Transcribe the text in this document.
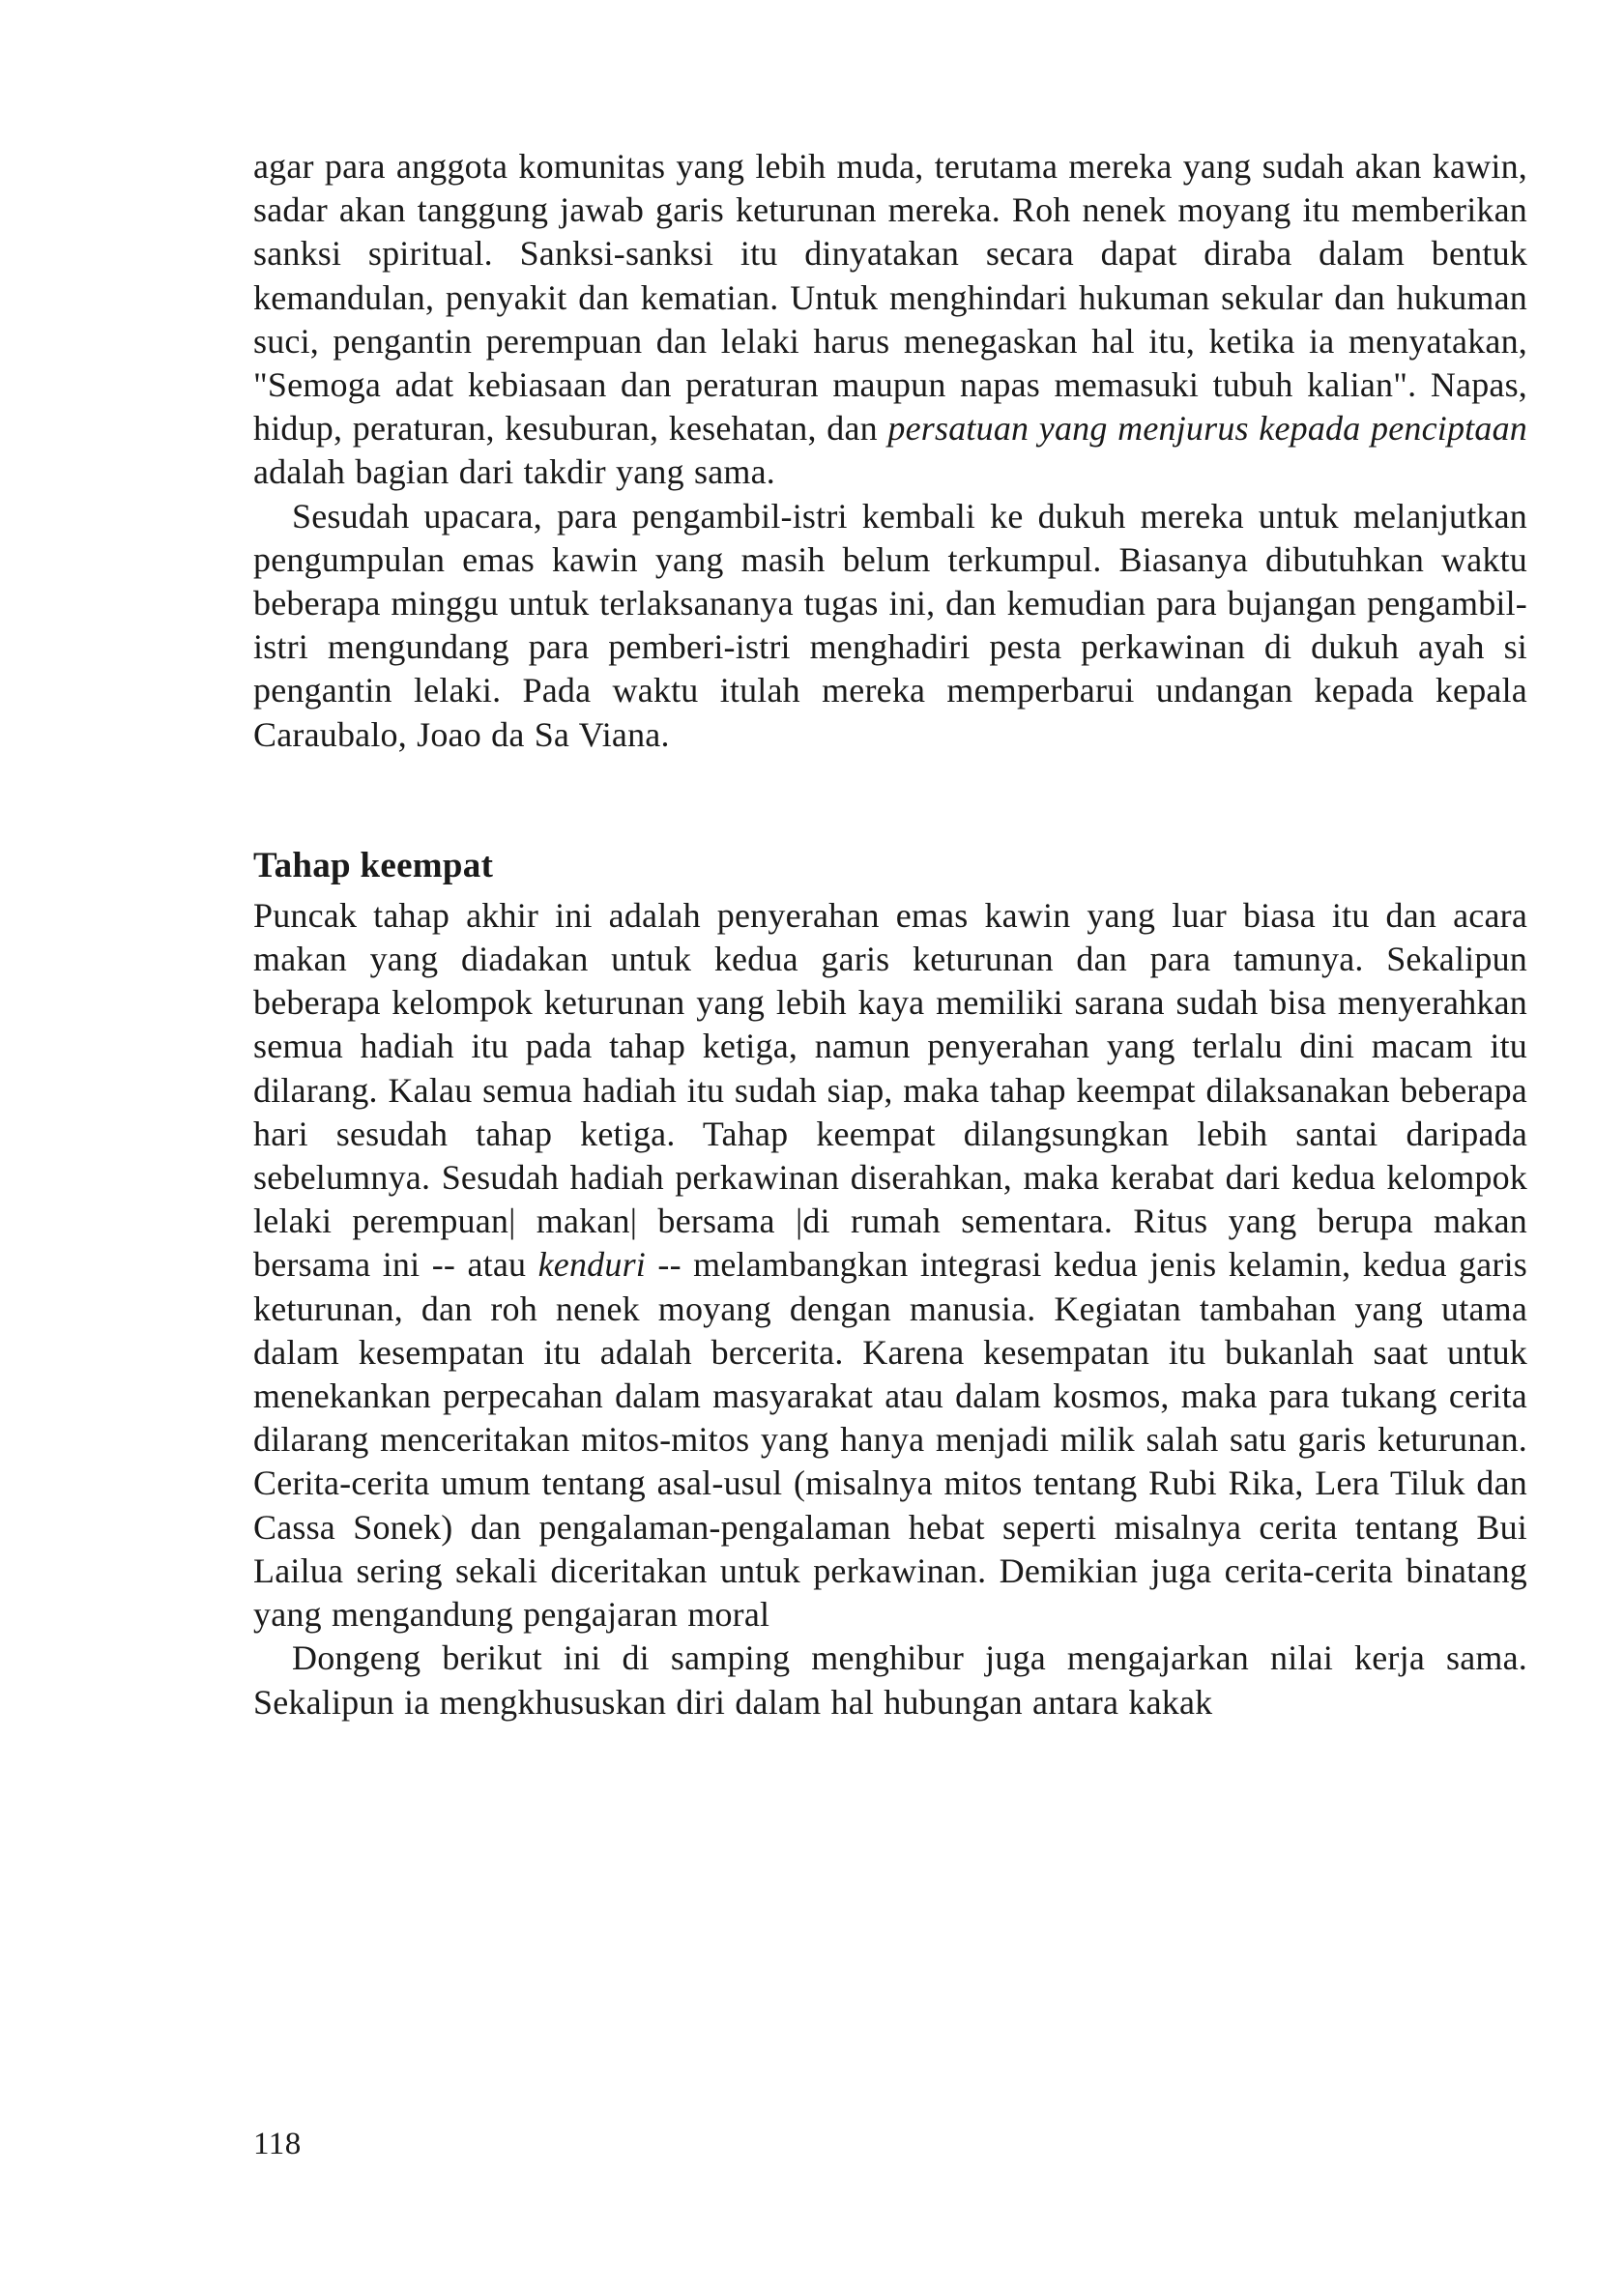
agar para anggota komunitas yang lebih muda, terutama mereka yang sudah akan kawin, sadar akan tanggung jawab garis keturunan mereka. Roh nenek moyang itu memberikan sanksi spiritual. Sanksi-sanksi itu dinyatakan secara dapat diraba dalam bentuk kemandulan, penyakit dan kematian. Untuk menghindari hukuman sekular dan hukuman suci, pengantin perempuan dan lelaki harus menegaskan hal itu, ketika ia menyatakan, "Semoga adat kebiasaan dan peraturan maupun napas memasuki tubuh kalian". Napas, hidup, peraturan, kesuburan, kesehatan, dan persatuan yang menjurus kepada penciptaan adalah bagian dari takdir yang sama.

Sesudah upacara, para pengambil-istri kembali ke dukuh mereka untuk melanjutkan pengumpulan emas kawin yang masih belum terkumpul. Biasanya dibutuhkan waktu beberapa minggu untuk terlaksananya tugas ini, dan kemudian para bujangan pengambil-istri mengundang para pemberi-istri menghadiri pesta perkawinan di dukuh ayah si pengantin lelaki. Pada waktu itulah mereka memperbarui undangan kepada kepala Caraubalo, Joao da Sa Viana.

Tahap keempat

Puncak tahap akhir ini adalah penyerahan emas kawin yang luar biasa itu dan acara makan yang diadakan untuk kedua garis keturunan dan para tamunya. Sekalipun beberapa kelompok keturunan yang lebih kaya memiliki sarana sudah bisa menyerahkan semua hadiah itu pada tahap ketiga, namun penyerahan yang terlalu dini macam itu dilarang. Kalau semua hadiah itu sudah siap, maka tahap keempat dilaksanakan beberapa hari sesudah tahap ketiga. Tahap keempat dilangsungkan lebih santai daripada sebelumnya. Sesudah hadiah perkawinan diserahkan, maka kerabat dari kedua kelompok lelaki perempuan| makan| bersama |di rumah sementara. Ritus yang berupa makan bersama ini -- atau kenduri -- melambangkan integrasi kedua jenis kelamin, kedua garis keturunan, dan roh nenek moyang dengan manusia. Kegiatan tambahan yang utama dalam kesempatan itu adalah bercerita. Karena kesempatan itu bukanlah saat untuk menekankan perpecahan dalam masyarakat atau dalam kosmos, maka para tukang cerita dilarang menceritakan mitos-mitos yang hanya menjadi milik salah satu garis keturunan. Cerita-cerita umum tentang asal-usul (misalnya mitos tentang Rubi Rika, Lera Tiluk dan Cassa Sonek) dan pengalaman-pengalaman hebat seperti misalnya cerita tentang Bui Lailua sering sekali diceritakan untuk perkawinan. Demikian juga cerita-cerita binatang yang mengandung pengajaran moral

Dongeng berikut ini di samping menghibur juga mengajarkan nilai kerja sama. Sekalipun ia mengkhususkan diri dalam hal hubungan antara kakak

118
